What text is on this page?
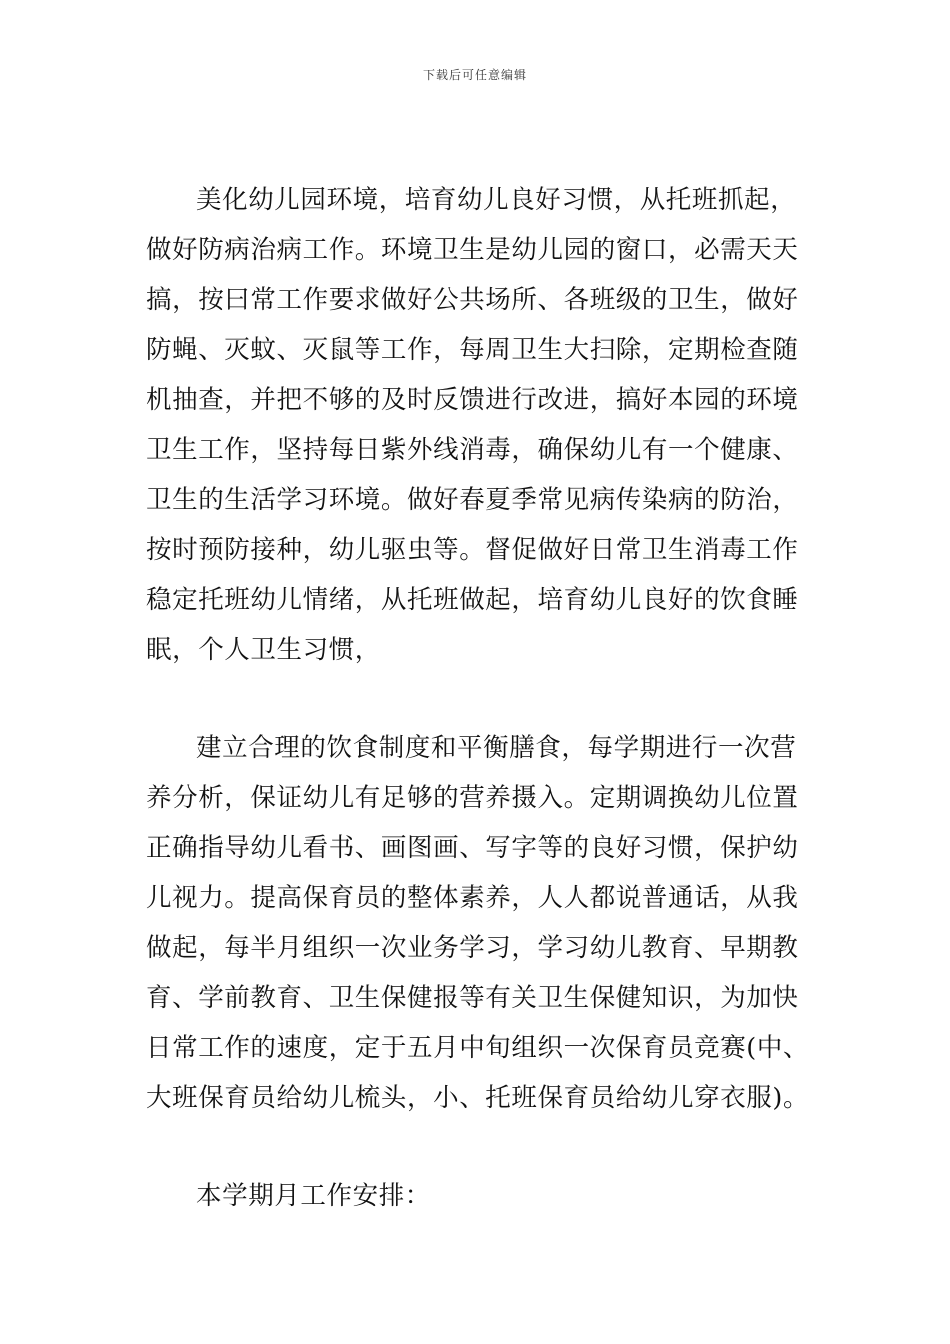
下载后可任意编辑
美化幼儿园环境，培育幼儿良好习惯，从托班抓起，
做好防病治病工作。环境卫生是幼儿园的窗口，必需天天
搞，按曰常工作要求做好公共场所、各班级的卫生，做好
防蝇、灭蚊、灭鼠等工作，每周卫生大扫除，定期检查随
机抽查，并把不够的及时反馈进行改进，搞好本园的环境
卫生工作，坚持每日紫外线消毒，确保幼儿有一个健康、
卫生的生活学习环境。做好春夏季常见病传染病的防治，
按时预防接种，幼儿驱虫等。督促做好日常卫生消毒工作
稳定托班幼儿情绪，从托班做起，培育幼儿良好的饮食睡
眠，个人卫生习惯，
建立合理的饮食制度和平衡膳食，每学期进行一次营
养分析，保证幼儿有足够的营养摄入。定期调换幼儿位置
正确指导幼儿看书、画图画、写字等的良好习惯，保护幼
儿视力。提高保育员的整体素养，人人都说普通话，从我
做起，每半月组织一次业务学习，学习幼儿教育、早期教
育、学前教育、卫生保健报等有关卫生保健知识，为加快
日常工作的速度，定于五月中旬组织一次保育员竞赛(中、
大班保育员给幼儿梳头，小、托班保育员给幼儿穿衣服)。
本学期月工作安排：
